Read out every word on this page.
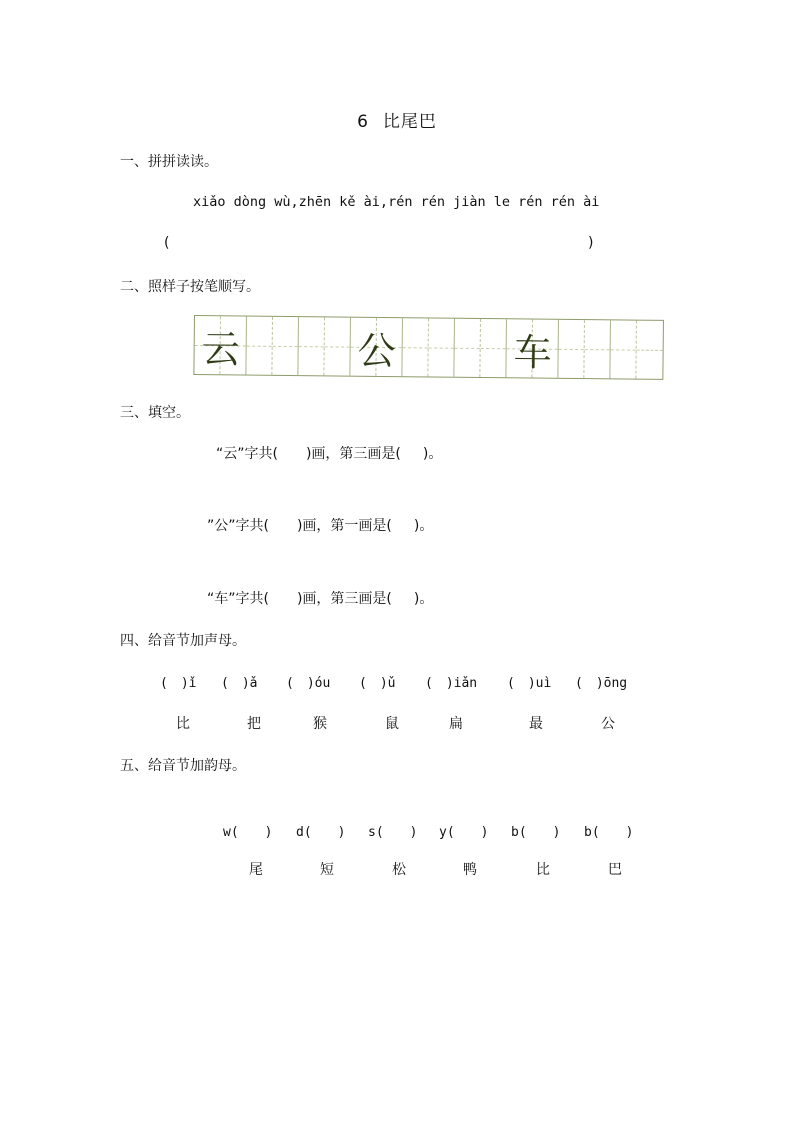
6 比尾巴
一、拼拼读读。
xiǎo dòng wù,zhēn kě ài,rén rén jiàn le rén rén ài
(	)
二、照样子按笔顺写。
云	公	车
三、填空。
“云”字共( )画，第三画是( )。
”公”字共( )画，第一画是( )。
“车”字共( )画，第三画是( )。
四、给音节加声母。
(　)ǐ (　)ǎ (　)óu (　)ǔ (　)iǎn (　)uì (　)ōng
比	把	猴	鼠	扁	最	公
五、给音节加韵母。
w(　　) d(　　) s(　　) y(　　) b(　　) b(　　)
尾	短	松	鸭	比	巴
